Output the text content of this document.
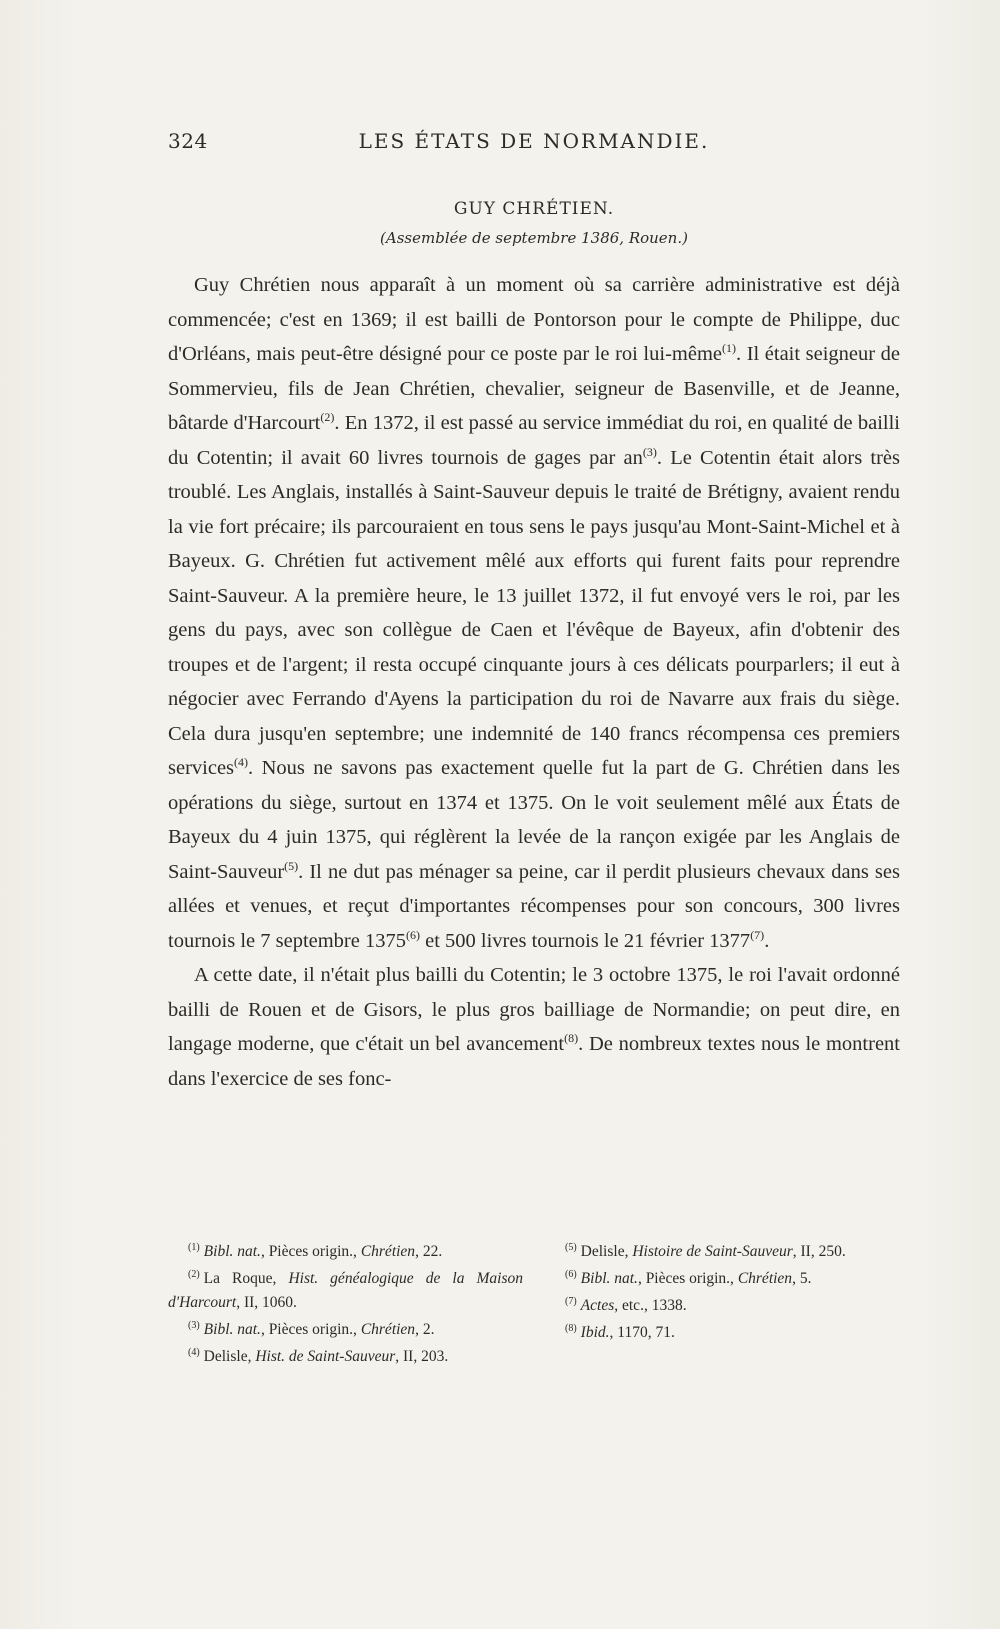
324	LES ÉTATS DE NORMANDIE.
GUY CHRÉTIEN.
(Assemblée de septembre 1386, Rouen.)

Guy Chrétien nous apparaît à un moment où sa carrière administrative est déjà commencée; c'est en 1369; il est bailli de Pontorson pour le compte de Philippe, duc d'Orléans, mais peut-être désigné pour ce poste par le roi lui-même$^{(1)}$. Il était seigneur de Sommervieu, fils de Jean Chrétien, chevalier, seigneur de Basenville, et de Jeanne, bâtarde d'Harcourt$^{(2)}$. En 1372, il est passé au service immédiat du roi, en qualité de bailli du Cotentin; il avait 60 livres tournois de gages par an$^{(3)}$. Le Cotentin était alors très troublé. Les Anglais, installés à Saint-Sauveur depuis le traité de Brétigny, avaient rendu la vie fort précaire; ils parcouraient en tous sens le pays jusqu'au Mont-Saint-Michel et à Bayeux. G. Chrétien fut activement mêlé aux efforts qui furent faits pour reprendre Saint-Sauveur. A la première heure, le 13 juillet 1372, il fut envoyé vers le roi, par les gens du pays, avec son collègue de Caen et l'évêque de Bayeux, afin d'obtenir des troupes et de l'argent; il resta occupé cinquante jours à ces délicats pourparlers; il eut à négocier avec Ferrando d'Ayens la participation du roi de Navarre aux frais du siège. Cela dura jusqu'en septembre; une indemnité de 140 francs récompensa ces premiers services$^{(4)}$. Nous ne savons pas exactement quelle fut la part de G. Chrétien dans les opérations du siège, surtout en 1374 et 1375. On le voit seulement mêlé aux États de Bayeux du 4 juin 1375, qui réglèrent la levée de la rançon exigée par les Anglais de Saint-Sauveur$^{(5)}$. Il ne dut pas ménager sa peine, car il perdit plusieurs chevaux dans ses allées et venues, et reçut d'importantes récompenses pour son concours, 300 livres tournois le 7 septembre 1375$^{(6)}$ et 500 livres tournois le 21 février 1377$^{(7)}$.

A cette date, il n'était plus bailli du Cotentin; le 3 octobre 1375, le roi l'avait ordonné bailli de Rouen et de Gisors, le plus gros bailliage de Normandie; on peut dire, en langage moderne, que c'était un bel avancement$^{(8)}$. De nombreux textes nous le montrent dans l'exercice de ses fonc-

$^{(1)}$ Bibl. nat., Pièces origin., Chrétien, 22.

$^{(2)}$ La Roque, Hist. généalogique de la Maison d'Harcourt, II, 1060.

$^{(3)}$ Bibl. nat., Pièces origin., Chrétien, 2.

$^{(4)}$ Delisle, Hist. de Saint-Sauveur, II, 203.

$^{(5)}$ Delisle, Histoire de Saint-Sauveur, II, 250.

$^{(6)}$ Bibl. nat., Pièces origin., Chrétien, 5.

$^{(7)}$ Actes, etc., 1338.

$^{(8)}$ Ibid., 1170, 71.
